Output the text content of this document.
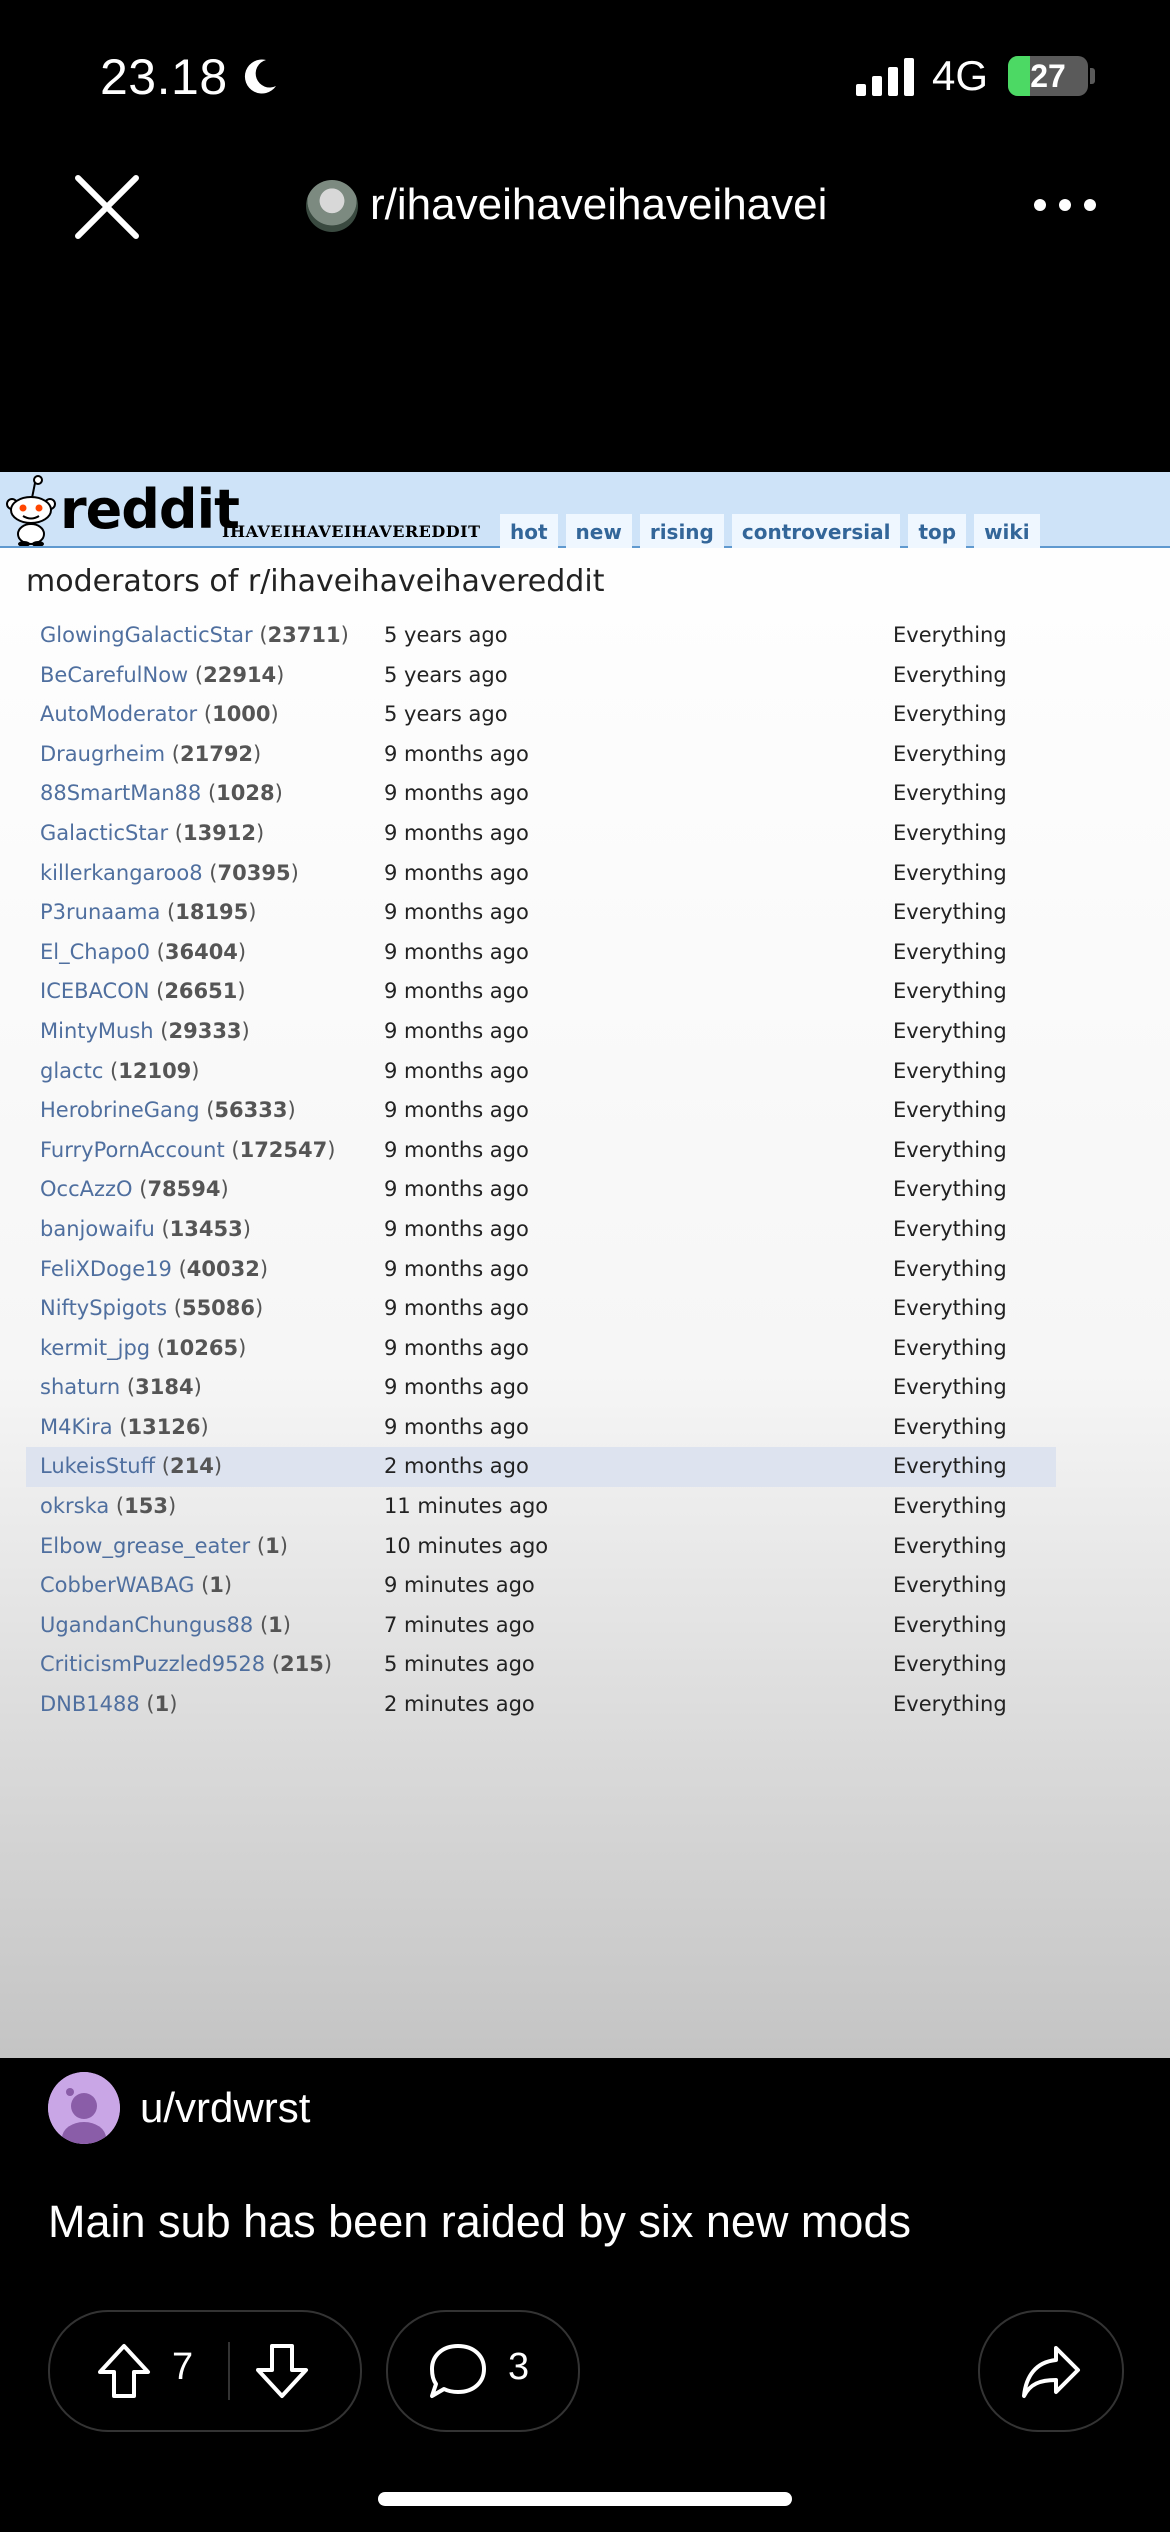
23.18	4G	27
r/ihaveihaveihaveihavei
reddit
IHAVEIHAVEIHAVEREDDIT	hot	new	rising	controversial	top	wiki
moderators of r/ihaveihaveihavereddit
GlowingGalacticStar (23711) 5 years ago	Everything
BeCarefulNow (22914)	5 years ago	Everything
AutoModerator (1000)	5 years ago	Everything
Draugrheim (21792)	9 months ago	Everything
88SmartMan88 (1028)	9 months ago	Everything
GalacticStar (13912)	9 months ago	Everything
killerkangaroo8 (70395)	9 months ago	Everything
P3runaama (18195)	9 months ago	Everything
El_Chapo0 (36404)	9 months ago	Everything
ICEBACON (26651)	9 months ago	Everything
MintyMush (29333)	9 months ago	Everything
glactc (12109)	9 months ago	Everything
HerobrineGang (56333)	9 months ago	Everything
FurryPornAccount (172547) 9 months ago	Everything
OccAzzO (78594)	9 months ago	Everything
banjowaifu (13453)	9 months ago	Everything
FeliXDoge19 (40032)	9 months ago	Everything
NiftySpigots (55086)	9 months ago	Everything
kermit_jpg (10265)	9 months ago	Everything
shaturn (3184)	9 months ago	Everything
M4Kira (13126)	9 months ago	Everything
LukeisStuff (214)	2 months ago	Everything
okrska (153)	11 minutes ago	Everything
Elbow_grease_eater (1)	10 minutes ago	Everything
CobberWABAG (1)	9 minutes ago	Everything
UgandanChungus88 (1)	7 minutes ago	Everything
CriticismPuzzled9528 (215) 5 minutes ago	Everything
DNB1488 (1)	2 minutes ago	Everything
u/vrdwrst
Main sub has been raided by six new mods
7	3
